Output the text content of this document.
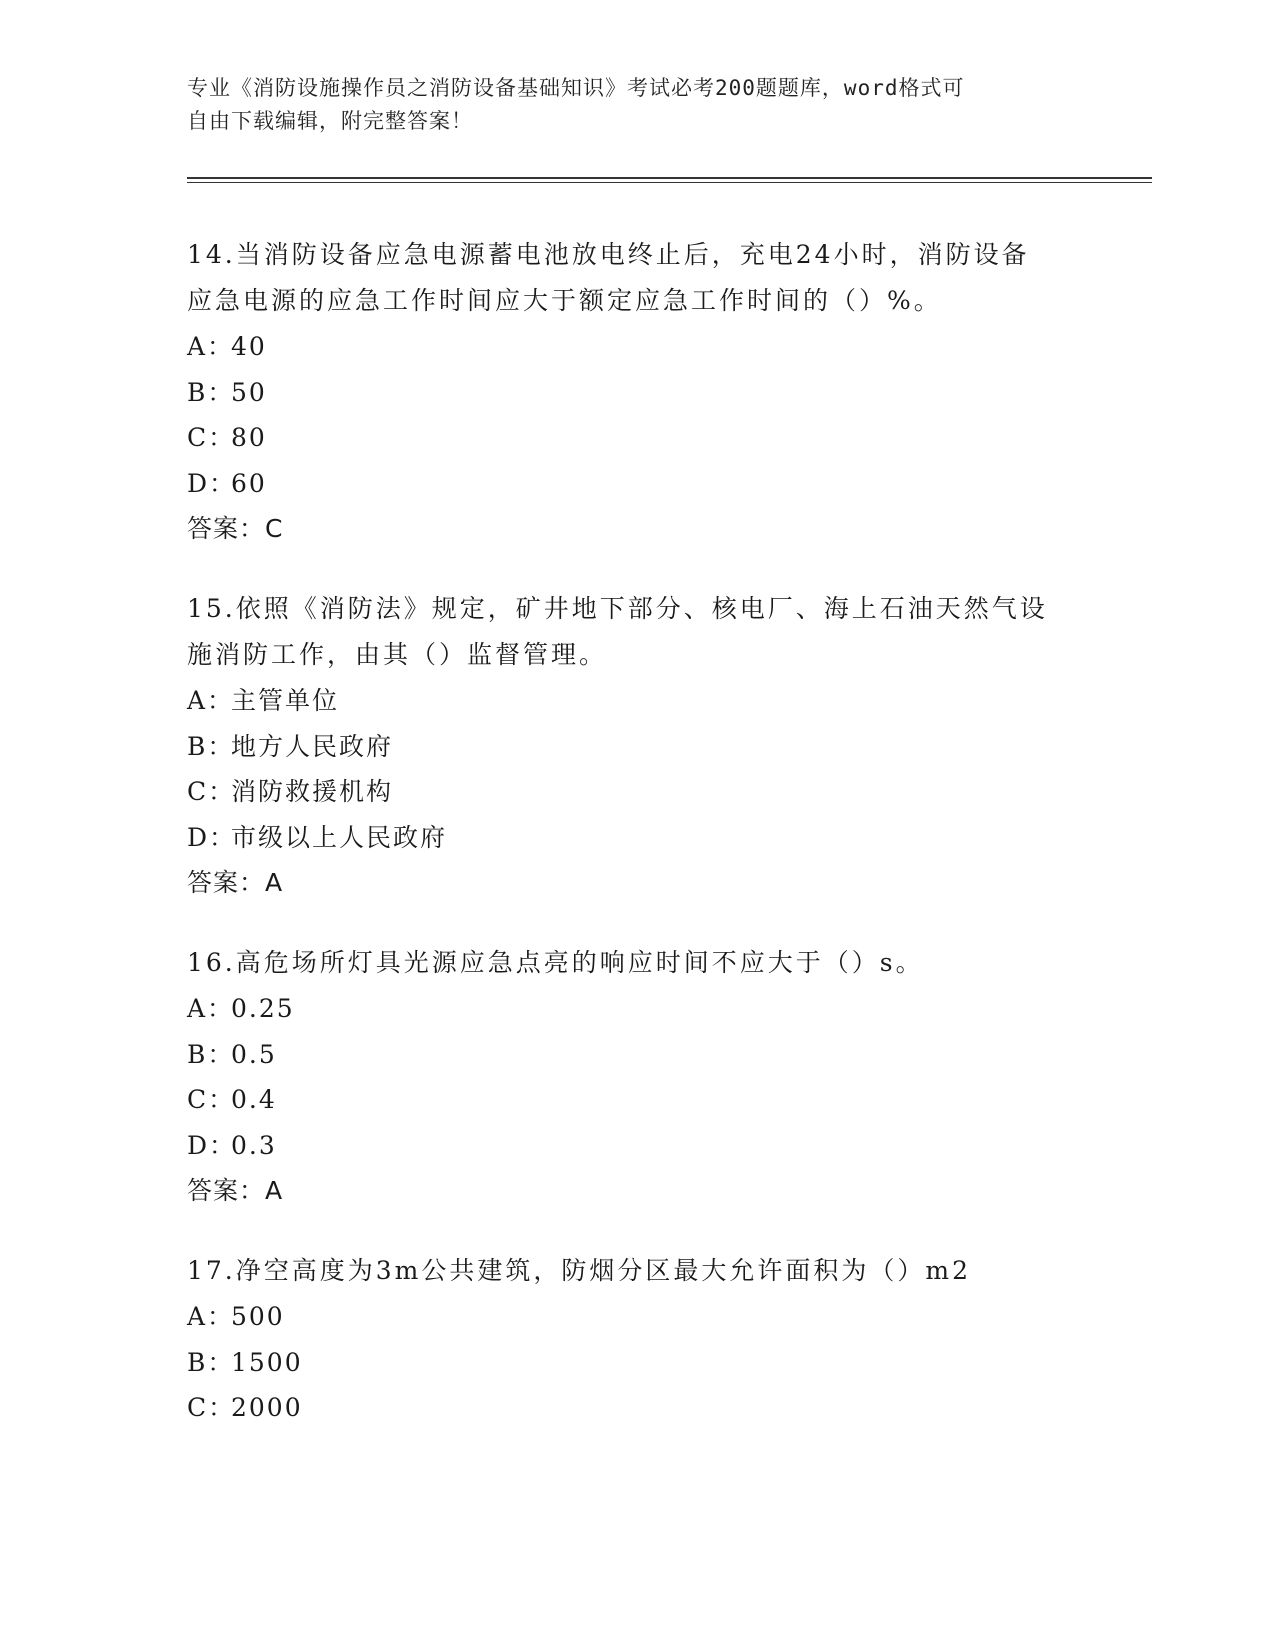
专业《消防设施操作员之消防设备基础知识》考试必考200题题库，word格式可
自由下载编辑，附完整答案！

14.当消防设备应急电源蓄电池放电终止后，充电24小时，消防设备
应急电源的应急工作时间应大于额定应急工作时间的（）%。

A：40

B：50

C：80

D：60

答案：C

15.依照《消防法》规定，矿井地下部分、核电厂、海上石油天然气设
施消防工作，由其（）监督管理。

A：主管单位

B：地方人民政府

C：消防救援机构

D：市级以上人民政府

答案：A

16.高危场所灯具光源应急点亮的响应时间不应大于（）s。

A：0.25

B：0.5

C：0.4

D：0.3

答案：A

17.净空高度为3m公共建筑，防烟分区最大允许面积为（）m2

A：500

B：1500

C：2000
